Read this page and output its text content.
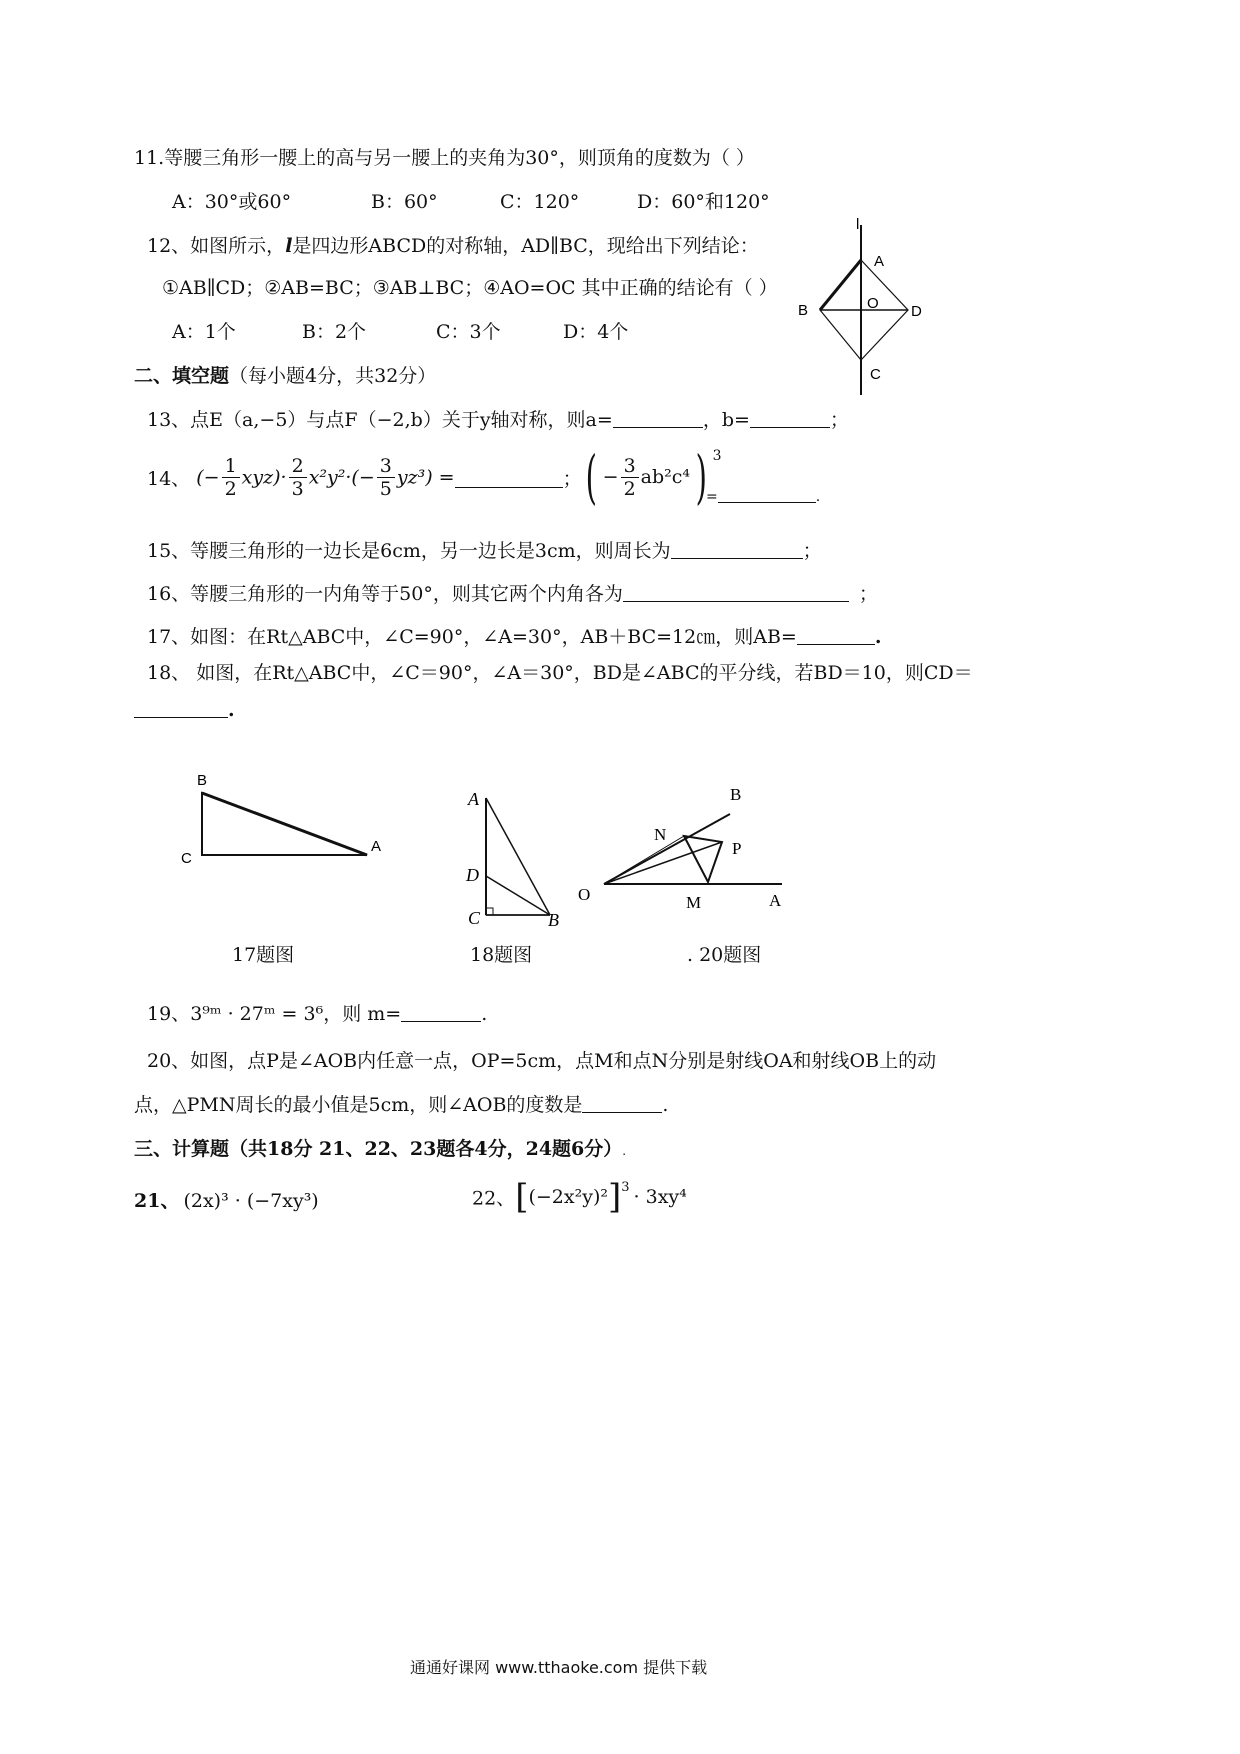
11.等腰三角形一腰上的高与另一腰上的夹角为30°，则顶角的度数为（ ）
A：30°或60°	B：60°	C：120°	D：60°和120°
12、如图所示，l是四边形ABCD的对称轴，AD∥BC，现给出下列结论：
①AB∥CD；②AB=BC；③AB⊥BC；④AO=OC 其中正确的结论有（ ）
A：1个	B：2个	C：3个	D：4个
l
A
B	O D
C
二、填空题（每小题4分，共32分）
13、点E（a,−5）与点F（−2,b）关于y轴对称，则a=	，b=	；
14、 (− $\frac{1}{2} xyz)\cdot \frac{2}{3} x^2y^2\cdot(- \frac{3}{5} yz^3)$ =	； ( − $\frac{3}{2} ab^2c^4$) $^3$
=	.
15、等腰三角形的一边长是6cm，另一边长是3cm，则周长为	；
16、等腰三角形的一内角等于50°，则其它两个内角各为	；
17、如图：在Rt△ABC中，∠C=90°，∠A=30°，AB＋BC=12㎝，则AB=	.
18、 如图，在Rt△ABC中，∠C＝90°，∠A＝30°，BD是∠ABC的平分线，若BD＝10，则CD＝
.
B
C
A
A
D
C	B
B
N
P
O	M	A
17题图	18题图	. 20题图
19、3⁹ᵐ · 27ᵐ = 3⁶，则 m=	.
20、如图，点P是∠AOB内任意一点，OP=5cm，点M和点N分别是射线OA和射线OB上的动
点，△PMN周长的最小值是5cm，则∠AOB的度数是	.
三、计算题（共18分 21、22、23题各4分，24题6分）.
21、 (2x)³ · (−7xy³)	22、$[(-2x^2y)^2]^3 \cdot 3xy^4$
通通好课网 www.tthaoke.com 提供下载
